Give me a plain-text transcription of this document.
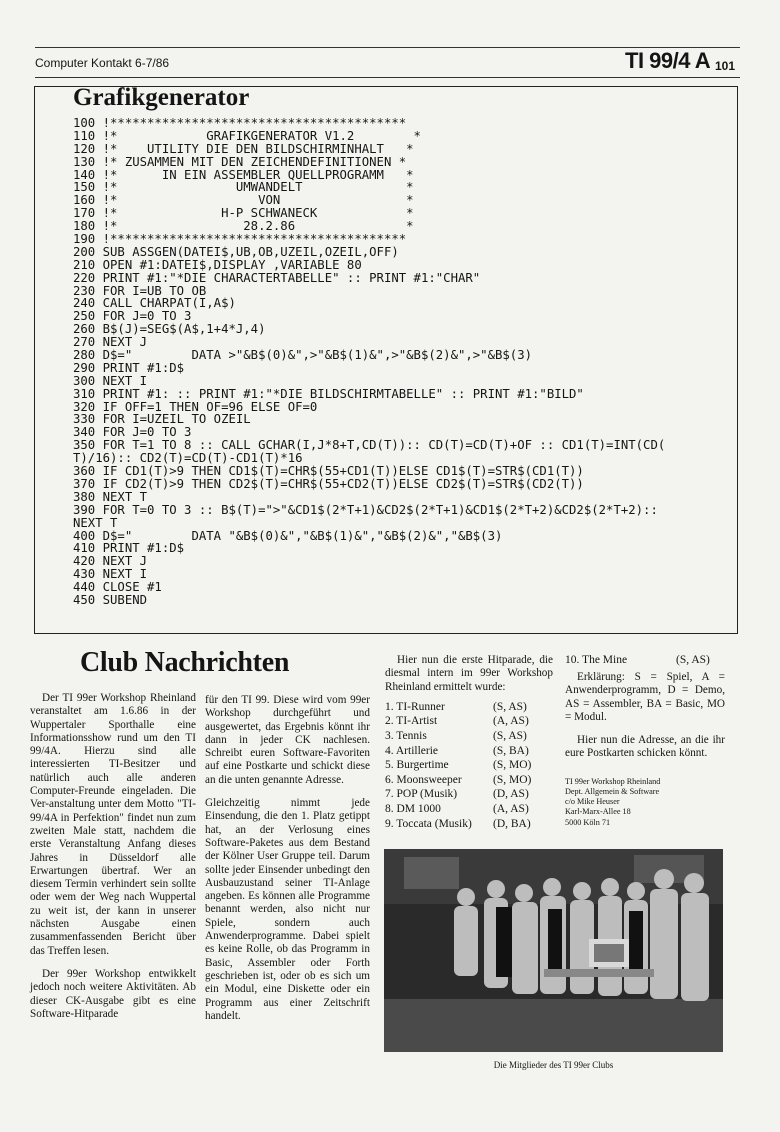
Computer Kontakt 6-7/86	TI 99/4 A 101
Grafikgenerator
100 !****************************************
110 !*            GRAFIKGENERATOR V1.2        *
120 !*    UTILITY DIE DEN BILDSCHIRMINHALT   *
130 !* ZUSAMMEN MIT DEN ZEICHENDEFINITIONEN *
140 !*      IN EIN ASSEMBLER QUELLPROGRAMM   *
150 !*                UMWANDELT              *
160 !*                   VON                 *
170 !*              H-P SCHWANECK            *
180 !*                 28.2.86               *
190 !****************************************
200 SUB ASSGEN(DATEI$,UB,OB,UZEIL,OZEIL,OFF)
210 OPEN #1:DATEI$,DISPLAY ,VARIABLE 80
220 PRINT #1:"*DIE CHARACTERTABELLE" :: PRINT #1:"CHAR"
230 FOR I=UB TO OB
240 CALL CHARPAT(I,A$)
250 FOR J=0 TO 3
260 B$(J)=SEG$(A$,1+4*J,4)
270 NEXT J
280 D$="        DATA >"&B$(0)&",>"&B$(1)&",>"&B$(2)&",>"&B$(3)
290 PRINT #1:D$
300 NEXT I
310 PRINT #1: :: PRINT #1:"*DIE BILDSCHIRMTABELLE" :: PRINT #1:"BILD"
320 IF OFF=1 THEN OF=96 ELSE OF=0
330 FOR I=UZEIL TO OZEIL
340 FOR J=0 TO 3
350 FOR T=1 TO 8 :: CALL GCHAR(I,J*8+T,CD(T)):: CD(T)=CD(T)+OF :: CD1(T)=INT(CD(
T)/16):: CD2(T)=CD(T)-CD1(T)*16
360 IF CD1(T)>9 THEN CD1$(T)=CHR$(55+CD1(T))ELSE CD1$(T)=STR$(CD1(T))
370 IF CD2(T)>9 THEN CD2$(T)=CHR$(55+CD2(T))ELSE CD2$(T)=STR$(CD2(T))
380 NEXT T
390 FOR T=0 TO 3 :: B$(T)=">"&CD1$(2*T+1)&CD2$(2*T+1)&CD1$(2*T+2)&CD2$(2*T+2)::
NEXT T
400 D$="        DATA "&B$(0)&","&B$(1)&","&B$(2)&","&B$(3)
410 PRINT #1:D$
420 NEXT J
430 NEXT I
440 CLOSE #1
450 SUBEND
Club Nachrichten

Der TI 99er Workshop Rheinland veranstaltet am 1.6.86 in der Wuppertaler Sporthalle eine Informationsshow rund um den TI 99/4A. Hierzu sind alle interessierten TI-Besitzer und natürlich auch alle anderen Computer-Freunde eingeladen. Die Ver-anstaltung unter dem Motto "TI-99/4A in Perfektion" findet nun zum zweiten Male statt, nachdem die erste Veranstaltung Anfang dieses Jahres in Düsseldorf alle Erwartungen übertraf. Wer an diesem Termin verhindert sein sollte oder wem der Weg nach Wuppertal zu weit ist, der kann in unserer nächsten Ausgabe einen zusammenfassenden Bericht über das Treffen lesen.

Der 99er Workshop entwikkelt jedoch noch weitere Aktivitäten. Ab dieser CK-Ausgabe gibt es eine Software-Hitparade

für den TI 99. Diese wird vom 99er Workshop durchgeführt und ausgewertet, das Ergebnis könnt ihr dann in jeder CK nachlesen. Schreibt euren Software-Favoriten auf eine Postkarte und schickt diese an die unten genannte Adresse.

Gleichzeitig nimmt jede Einsendung, die den 1. Platz getippt hat, an der Verlosung eines Software-Paketes aus dem Bestand der Kölner User Gruppe teil. Darum sollte jeder Einsender unbedingt den Ausbauzustand seiner TI-Anlage angeben. Es können alle Programme benannt werden, also nicht nur Spiele, sondern auch Anwenderprogramme. Dabei spielt es keine Rolle, ob das Programm in Basic, Assembler oder Forth geschrieben ist, oder ob es sich um ein Modul, eine Diskette oder ein Programm aus einer Zeitschrift handelt.

Hier nun die erste Hitparade, die diesmal intern im 99er Workshop Rheinland ermittelt wurde:

1. TI-Runner	(S, AS)
2. TI-Artist	(A, AS)
3. Tennis	(S, AS)
4. Artillerie	(S, BA)
5. Burgertime	(S, MO)
6. Moonsweeper	(S, MO)
7. POP (Musik)	(D, AS)
8. DM 1000	(A, AS)
9. Toccata (Musik) (D, BA)
10. The Mine	(S, AS)

Erklärung: S = Spiel, A = Anwenderprogramm, D = Demo, AS = Assembler, BA = Basic, MO = Modul.

Hier nun die Adresse, an die ihr eure Postkarten schicken könnt.

TI 99er Workshop Rheinland
Dept. Allgemein & Software
c/o Mike Heuser
Karl-Marx-Allee 18
5000 Köln 71
Die Mitglieder des TI 99er Clubs
